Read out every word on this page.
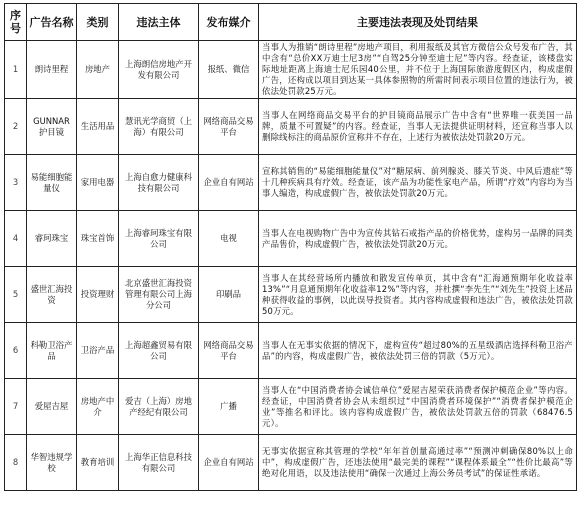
序号	广告名称	类别	违法主体	发布媒介	主要违法表现及处罚结果
1	朗诗里程	房地产	上海朗信房地产开发有限公司	报纸、微信	当事人为推销“朗诗里程”房地产项目，利用报纸及其官方微信公众号发布广告，其中含有“总价XX万迪士尼3房”“自驾25分钟至迪士尼”等内容。经查证，该楼盘实际地址距离上海迪士尼乐园40公里，并不位于上海国际旅游度假区内，构成虚假广告，还构成以项目到达某一具体参照物的所需时间表示项目位置的违法行为，被依法处罚款25万元。
2	GUNNAR护目镜	生活用品	慧讯光学商贸（上海）有限公司	网络商品交易平台	当事人在网络商品交易平台的护目镜商品展示广告中含有“世界唯一获美国一品牌，质量不可置疑”的内容。经查证，当事人无法提供证明材料，还宣称当事人以删除线标注的商品原价宣称并不存在，上述行为被依法处罚款20万元。
3	易能细胞能量仪	家用电器	上海自愈力健康科技有限公司	企业自有网站	宣称其销售的“易能细胞能量仪”对“糖尿病、前列腺炎、膝关节炎、中风后遗症”等十几种疾病具有疗效。经查证，该产品为功能性家电产品，所谓“疗效”内容均为当事人编造，构成虚假广告，被依法处罚款20万元。
4	睿珂珠宝	珠宝首饰	上海睿珂珠宝有限公司	电视	当事人在电视购物广告中为宣传其钻石戒指产品的价格优势，虚构另一品牌的同类产品售价，构成虚假广告，被依法处罚款20万元。
5	盛世汇海投资	投资理财	北京盛世汇海投资管理有限公司上海分公司	印刷品	当事人在其经营场所内播放和散发宣传单页，其中含有“汇海通预期年化收益率13%”“月息通预期年化收益率12%”等内容，并杜撰“李先生”“刘先生”投资上述品种获得收益的事例，以此误导投资者。其内容构成虚假和违法广告，被依法处罚款50万元。
6	科勒卫浴产品	卫浴产品	上海超鑫贸易有限公司	网络商品交易平台	当事人在无事实依据的情况下，虚构宣传“超过80%的五星级酒店选择科勒卫浴产品”的内容，构成虚假广告，被依法处罚三倍的罚款（5万元）。
7	爱屋吉屋	房地产中介	爱吉（上海）房地产经纪有限公司	广播	当事人在“中国消费者协会诚信单位”爱屋吉屋荣获消费者保护模范企业”等内容。经查证，中国消费者协会从未组织过“中国消费者环境保护”“消费者保护模范企业”等推名和评比。该内容构成虚假广告，被依法处罚款五倍的罚款（68476.5元）。
8	华智违规学校	教育培训	上海华正信息科技有限公司	企业自有网站	无事实依据宣称其管理的学校“年年首创量高通过率”“预测冲刺确保80%以上命中”，构成虚假广告，还违法使用“最完美的课程”“课程体系最全”“性价比最高”等绝对化用语，以及违法使用“确保一次通过上海公务员考试”的保证性承诺。
